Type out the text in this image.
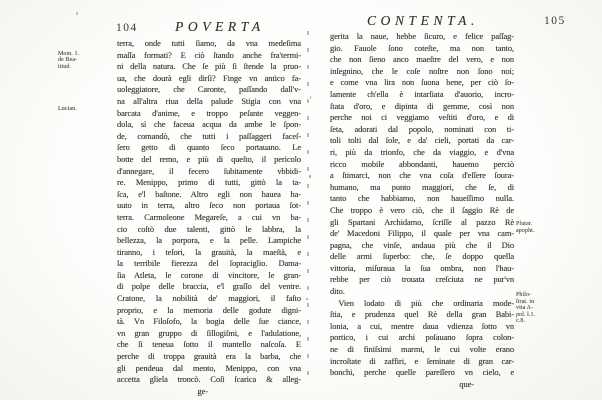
104	POVERTA
Mom. 1.
de Bea-
titud.
Lucian.
terra, onde tutti ſiamo, da vna medeſima
maſſa formati? E ciò ſtando anche fra'termi-
ni della natura. Che ſe più ſi ſtende la pruo-
ua, che dourà egli dirſi? Finge vn antico fa-
uoleggiatore, che Caronte, paſſando dall'v-
na all'altra riua della palude Stigia con vna
barcata d'anime, e troppo peſante veggen-
dola, sì che faceua acqua da ambe le ſpon-
de, comandò, che tutti i paſſaggeri faceſ-
ſero getto di quanto ſeco portauano. Le
botte del remo, e più di queſto, il pericolo
d'annegare, il fecero ſubitamente vbbidi-
re. Menippo, primo di tutti, gittò la ta-
ſca, e'l baſtone. Altro egli non hauea ha-
uuto in terra, altro ſeco non portaua ſot-
terra. Carmoleone Megareſe, a cui vn ba-
cio coſtò due talenti, gittò le labbra, la
bellezza, la porpora, e la pelle. Lampiche
tiranno, i teſori, la grauità, la maeſtà, e
la terribile fierezza del ſopraciglio. Dama-
ſia Atleta, le corone di vincitore, le gran-
di polpe delle braccia, e'l graſſo del ventre.
Cratone, la nobilità de' maggiori, il faſto
proprio, e la memoria delle godute digni-
tà. Vn Filoſofo, la bogia delle ſue ciance,
vn gran gruppo di ſillogiſmi, e l'adulatione,
che ſi teneua ſotto il mantello naſcoſa. E
perche di troppa grauità era la barba, che
gli pendeua dal mento, Menippo, con vna
accetta gliela troncò. Coſi ſcarica & alleg-
ge-
CONTENTA.	105
gerita la naue, hebbe ſicuro, e felice paſſag-
gio. Fauole ſono coteſte, ma non tanto,
che non ſieno anco maeſtre del vero, e non
inſegnino, che le coſe noſtre non ſono noi;
e come vna lira non ſuona bene, per ciò ſo-
lamente ch'ella è intarſiata d'auorio, incro-
ſtata d'oro, e dipinta di gemme, così non
perche noi ci veggiamo veſtiti d'oro, e di
ſeta, adorati dal popolo, nominati con ti-
toli tolti dal ſole, e da' cieli, portati da car-
ri, più da trionfo, che da viaggio, e d'vna
ricco mobile abbondanti, hauemo perciò
a ſtimarci, non che vna coſa d'eſſere ſoura-
humano, ma punto maggiori, che ſe, di
tanto che habbiamo, non haueſſimo nulla.
Che troppo è vero ciò, che il ſaggio Rè de
gli Spartani Archidamo, ſcriſſe al pazzo Rè
de' Macedoni Filippo, il quale per vna cam-
pagna, che vinſe, andaua più che il Dio
delle armi ſuperbo: che, ſe doppo quella
vittoria, miſuraua la ſua ombra, non l'hau-
rebbe per ciò trouata creſciuta ne pur'vn
dito.
 Vien lodato di più che ordinaria mode-
ſtia, e prudenza quel Rè della gran Babi-
lonia, a cui, mentre daua vdienza ſotto vn
portico, i cui archi poſauano ſopra colon-
ne di finiſsimi marmi, le cui volte erano
incroſtate di zaffiri, e ſeminate di gran car-
bonchi, perche quelle pareſſero vn cielo, e
que-
Plutar.
apopht.
Philo-
ſtrat. in
vita A-
pol. l.1.
c.8.
